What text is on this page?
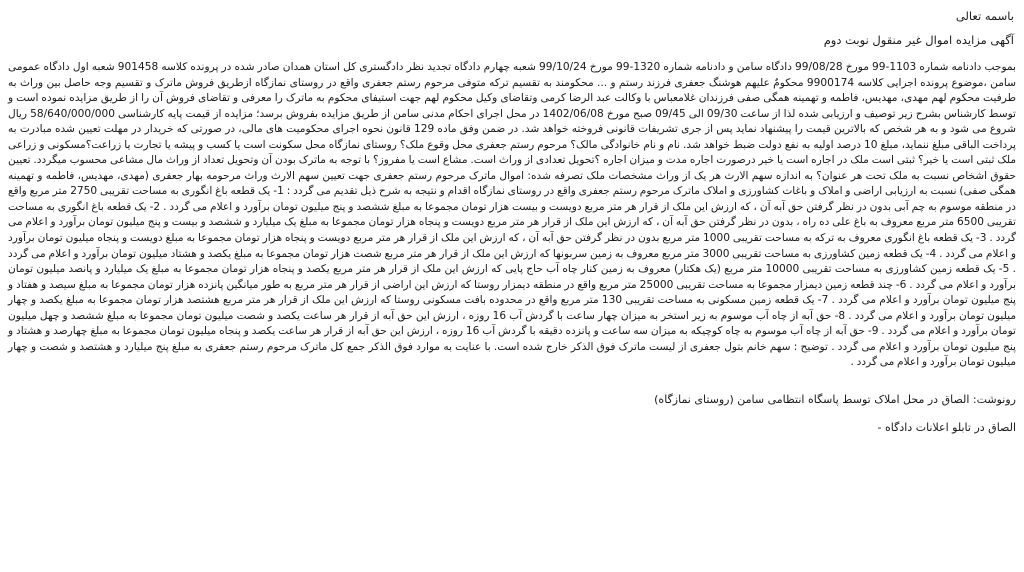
باسمه تعالی

آگهی مزایده اموال غیر منقول نوبت دوم

بموجب دادنامه شماره 1103-99 مورخ 99/08/28 دادگاه سامن و دادنامه شماره 1320-99 مورخ 99/10/24 شعبه چهارم دادگاه تجدید نظر دادگستری کل استان همدان صادر شده در پرونده کلاسه 901458 شعبه اول دادگاه عمومی سامن ،موضوع پرونده اجرایی کلاسه 9900174 محکومٌ علیهم هوشنگ جعفری فرزند رستم و ... محکومند به تقسیم ترکه متوفی مرحوم رستم جعفری واقع در روستای نمازگاه ازطریق فروش ماترک و تقسیم وجه حاصل بین وراث به طرفیت محکوم لهم مهدی، مهدیس، فاطمه و تهمینه همگی صفی فرزندان غلامعباس با وکالت عبد الرضا کرمی وتقاضای وکیل محکوم لهم جهت استیفای محکوم به ماترک را معرفی و تقاضای فروش آن را از طریق مزایده نموده است و توسط کارشناس بشرح زیر توصیف و ارزیابی شده لذا از ساعت 09/30 الی 09/45 صبح مورخ 1402/06/08 در محل اجرای احکام مدنی سامن از طریق مزایده بفروش برسد؛ مزایده از قیمت پایه کارشناسی 58/640/000/000 ریال شروع می شود و به هر شخص که بالاترین قیمت را پیشنهاد نماید پس از جری تشریفات قانونی فروخته خواهد شد. در ضمن وفق ماده 129 قانون نحوه اجرای محکومیت های مالی، در صورتی که خریدار در مهلت تعیین شده مبادرت به پرداخت الباقی مبلغ ننماید، مبلغ 10 درصد اولیه به نفع دولت ضبط خواهد شد. نام و نام خانوادگی مالک؟ مرحوم رستم جعفری محل وقوع ملک؟ روستای نمازگاه محل سکونت است یا کسب و پیشه یا تجارت یا زراعت؟مسکونی و زراعی ملک ثبتی است یا خیر؟ ثبتی است ملک در اجاره است یا خیر درصورت اجاره مدت و میزان اجاره ؟تحویل تعدادی از وراث است. مشاع است یا مفروز؟ با توجه به ماترک بودن آن وتحویل تعداد از وراث مال مشاعی محسوب میگردد. تعیین حقوق اشخاص نسبت به ملک تحت هر عنوان؟ به اندازه سهم الارث هر یک از وراث مشخصات ملک تصرفه شده: اموال ماترک مرحوم رستم جعفری جهت تعیین سهم الارث وراث مرحومه بهار جعفری (مهدی، مهدیس، فاطمه و تهمینه همگی صفی) نسبت به ارزیابی اراضی و املاک و باغات کشاورزی و املاک ماترک مرحوم رستم جعفری واقع در روستای نمازگاه اقدام و نتیجه به شرح ذیل تقدیم می گردد : 1- یک قطعه باغ انگوری به مساحت تقریبی 2750 متر مربع واقع در منطقه موسوم به چم آبی بدون در نظر گرفتن حق آبه آن ، که ارزش این ملک از قرار هر متر مربع دویست و بیست هزار تومان مجموعا به مبلغ ششصد و پنج میلیون تومان برآورد و اعلام می گردد . 2- یک قطعه باغ انگوری به مساحت تقریبی 6500 متر مربع معروف به باغ علی ده راه ، بدون در نظر گرفتن حق آبه آن ، که ارزش این ملک از قرار هر متر مربع دویست و پنجاه هزار تومان مجموعا به مبلغ یک میلیارد و ششصد و بیست و پنج میلیون تومان برآورد و اعلام می گردد . 3- یک قطعه باغ انگوری معروف به ترکه به مساحت تقریبی 1000 متر مربع بدون در نظر گرفتن حق آبه آن ، که ارزش این ملک از قرار هر متر مربع دویست و پنجاه هزار تومان مجموعا به مبلغ دویست و پنجاه میلیون تومان برآورد و اعلام می گردد . 4- یک قطعه زمین کشاورزی به مساحت تقریبی 3000 متر مربع معروف به زمین سربونها که ارزش این ملک از قرار هر متر مربع شصت هزار تومان مجموعا به مبلغ یکصد و هشتاد میلیون تومان برآورد و اعلام می گردد . 5- یک قطعه زمین کشاورزی به مساحت تقریبی 10000 متر مربع (یک هکتار) معروف به زمین کنار چاه آب حاج پایی که ارزش این ملک از قرار هر متر مربع یکصد و پنجاه هزار تومان مجموعا به مبلغ یک میلیارد و پانصد میلیون تومان برآورد و اعلام می گردد . 6- چند قطعه زمین دیمزار مجموعا به مساحت تقریبی 25000 متر مربع واقع در منطقه دیمزار روستا که ارزش این اراضی از قرار هر متر مربع به طور میانگین پانزده هزار تومان مجموعا به مبلغ سیصد و هفتاد و پنج میلیون تومان برآورد و اعلام می گردد . 7- یک قطعه زمین مسکونی به مساحت تقریبی 130 متر مربع واقع در محدوده بافت مسکونی روستا که ارزش این ملک از قرار هر متر مربع هشتصد هزار تومان مجموعا به مبلغ یکصد و چهار میلیون تومان برآورد و اعلام می گردد . 8- حق آبه از چاه آب موسوم به زیر استخر به میزان چهار ساعت با گردش آب 16 روزه ، ارزش این حق آبه از قرار هر ساعت یکصد و شصت میلیون تومان مجموعا به مبلغ ششصد و چهل میلیون تومان برآورد و اعلام می گردد . 9- حق آبه از چاه آب موسوم به چاه کوچیکه به میزان سه ساعت و پانزده دقیقه با گردش آب 16 روزه ، ارزش این حق آبه از قرار هر ساعت یکصد و پنجاه میلیون تومان مجموعا به مبلغ چهارصد و هشتاد و پنج میلیون تومان برآورد و اعلام می گردد . توضیح : سهم خانم بتول جعفری از لیست ماترک فوق الذکر خارج شده است. با عنایت به موارد فوق الذکر جمع کل ماترک مرحوم رستم جعفری به مبلغ پنج میلیارد و هشتصد و شصت و چهار میلیون تومان برآورد و اعلام می گردد .

رونوشت: الصاق در محل املاک توسط پاسگاه انتظامی سامن (روستای نمازگاه)

الصاق در تابلو اعلانات دادگاه -
